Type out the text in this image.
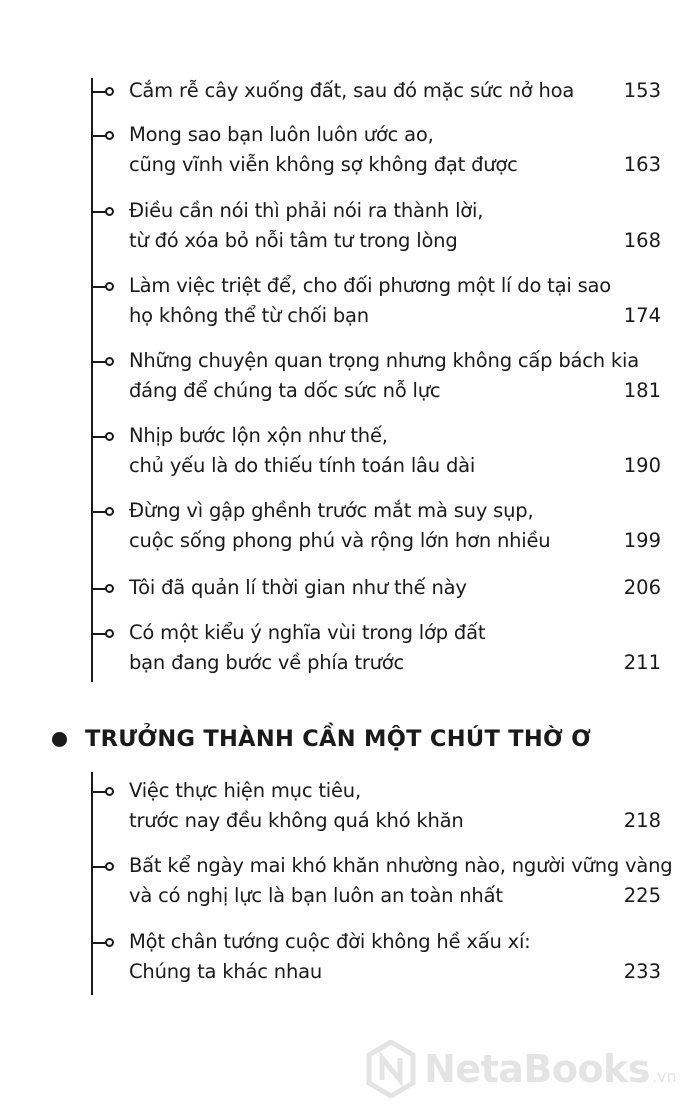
Cắm rễ cây xuống đất, sau đó mặc sức nở hoa	153
Mong sao bạn luôn luôn ước ao,
cũng vĩnh viễn không sợ không đạt được	163
Điều cần nói thì phải nói ra thành lời,
từ đó xóa bỏ nỗi tâm tư trong lòng	168
Làm việc triệt để, cho đối phương một lí do tại sao
họ không thể từ chối bạn	174
Những chuyện quan trọng nhưng không cấp bách kia
đáng để chúng ta dốc sức nỗ lực	181
Nhịp bước lộn xộn như thế,
chủ yếu là do thiếu tính toán lâu dài	190
Đừng vì gập ghềnh trước mắt mà suy sụp,
cuộc sống phong phú và rộng lớn hơn nhiều	199
Tôi đã quản lí thời gian như thế này	206
Có một kiểu ý nghĩa vùi trong lớp đất
bạn đang bước về phía trước	211
TRƯỞNG THÀNH CẦN MỘT CHÚT THỜ Ơ
Việc thực hiện mục tiêu,
trước nay đều không quá khó khăn	218
Bất kể ngày mai khó khăn nhường nào, người vững vàng
và có nghị lực là bạn luôn an toàn nhất	225
Một chân tướng cuộc đời không hề xấu xí:
Chúng ta khác nhau	233
NetaBooks .vn
